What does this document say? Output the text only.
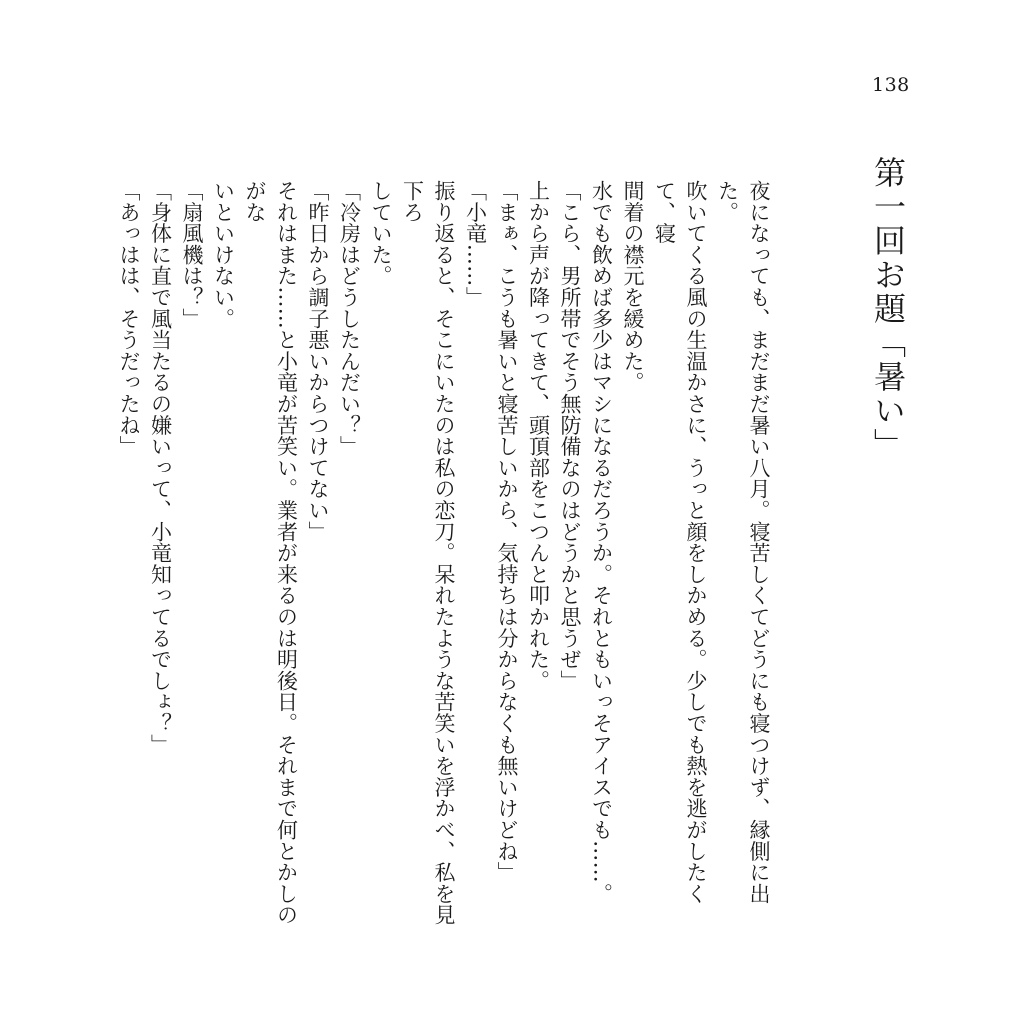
138
第一回お題「暑い」

夜になっても、まだまだ暑い八月。寝苦しくてどうにも寝つけず、縁側に出た。

吹いてくる風の生温かさに、うっと顔をしかめる。少しでも熱を逃がしたくて、寝

間着の襟元を緩めた。

水でも飲めば多少はマシになるだろうか。それともいっそアイスでも……。

「こら、男所帯でそう無防備なのはどうかと思うぜ」

上から声が降ってきて、頭頂部をこつんと叩かれた。

「まぁ、こうも暑いと寝苦しいから、気持ちは分からなくも無いけどね」

「小竜……」

振り返ると、そこにいたのは私の恋刀。呆れたような苦笑いを浮かべ、私を見下ろ

していた。

「冷房はどうしたんだい？」

「昨日から調子悪いからつけてない」

それはまた……と小竜が苦笑い。業者が来るのは明後日。それまで何とかしのがな

いといけない。

「扇風機は？」

「身体に直で風当たるの嫌いって、小竜知ってるでしょ？」

「あっはは、そうだったね」
